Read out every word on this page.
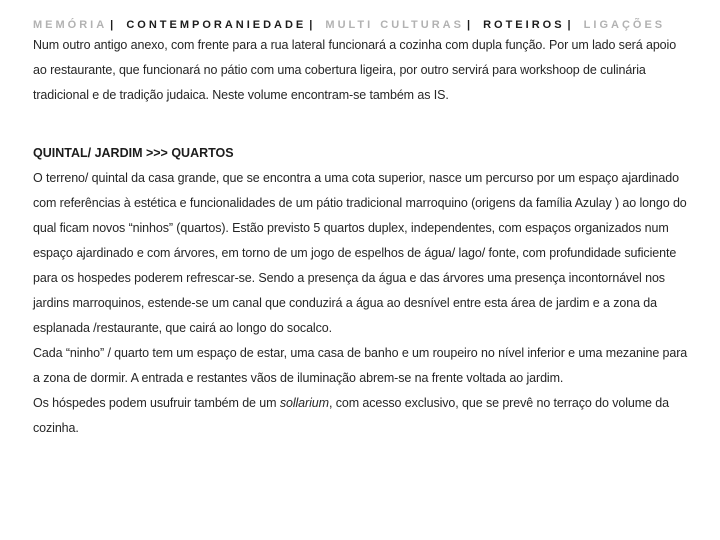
MEMÓRIA | CONTEMPORANIEDADE | MULTI CULTURAS | ROTEIROS | LIGAÇÕES

Num outro antigo anexo, com frente para a rua lateral funcionará a cozinha com dupla função. Por um lado será apoio ao restaurante, que funcionará no pátio com uma cobertura ligeira, por outro servirá para workshoop de culinária tradicional e de tradição judaica. Neste volume encontram-se também as IS.

QUINTAL/ JARDIM >>> QUARTOS

O terreno/ quintal da casa grande, que se encontra a uma cota superior, nasce um percurso por um espaço ajardinado com referências à estética e funcionalidades de um pátio tradicional marroquino (origens da família Azulay ) ao longo do qual ficam novos “ninhos” (quartos). Estão previsto 5 quartos duplex, independentes, com espaços organizados num espaço ajardinado e com árvores, em torno de um jogo de espelhos de água/ lago/ fonte, com profundidade suficiente para os hospedes poderem refrescar-se. Sendo a presença da água e das árvores uma presença incontornável nos jardins marroquinos, estende-se um canal que conduzirá a água ao desnível entre esta área de jardim e a zona da esplanada /restaurante, que cairá ao longo do socalco.

Cada “ninho” / quarto tem um espaço de estar, uma casa de banho e um roupeiro no nível inferior e uma mezanine para a zona de dormir. A entrada e restantes vãos de iluminação abrem-se na frente voltada ao jardim.
Os hóspedes podem usufruir também de um sollarium, com acesso exclusivo, que se prevê no terraço do volume da cozinha.
